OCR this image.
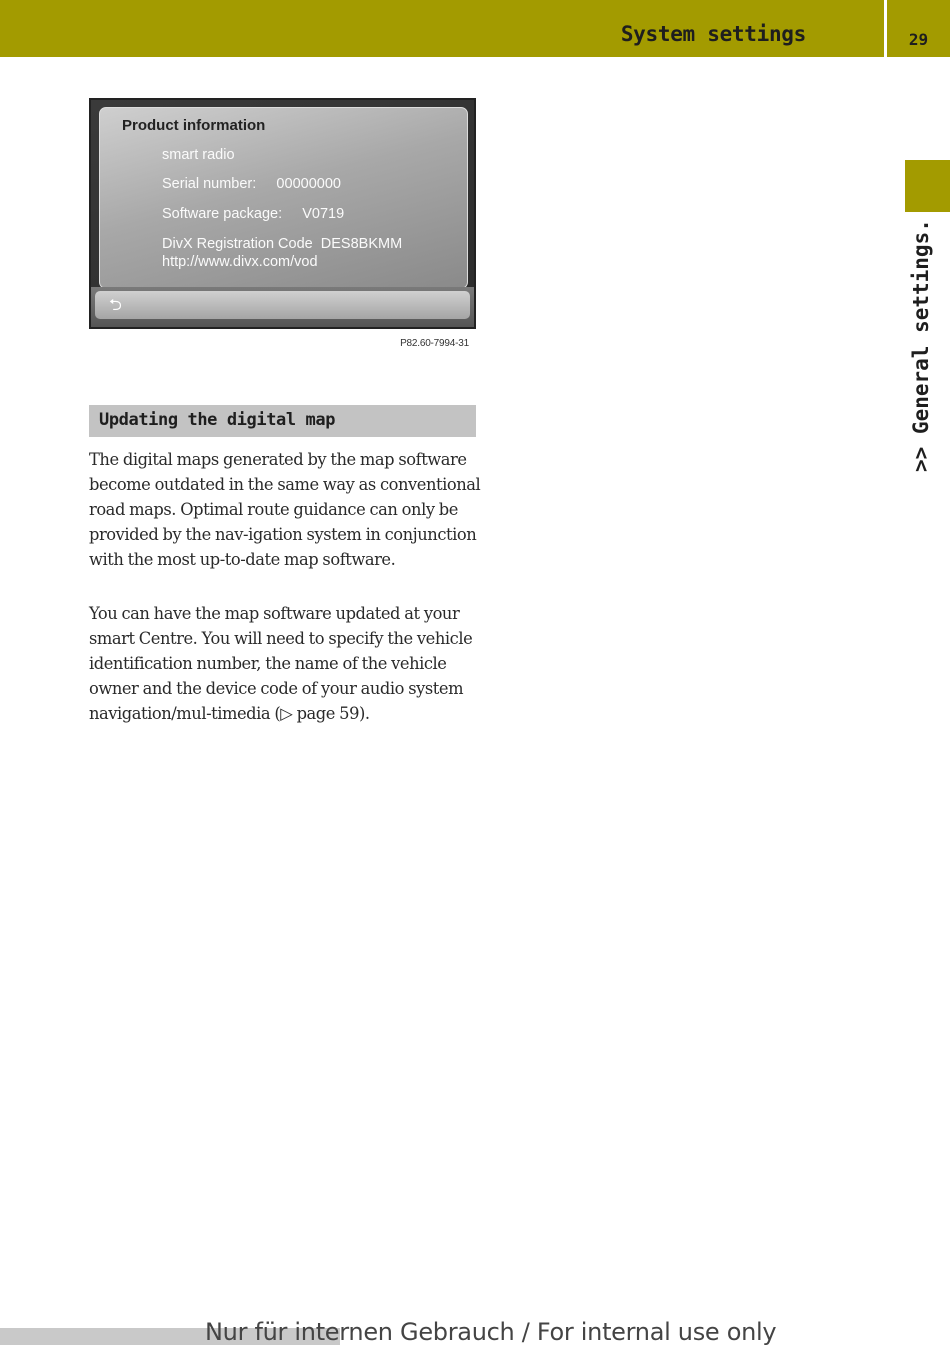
System settings	29
>> General settings.
Product information
smart radio
Serial number:     00000000
Software package:     V0719
DivX Registration Code  DES8BKMM
http://www.divx.com/vod
⮌
P82.60-7994-31
Updating the digital map

The digital maps generated by the map software become outdated in the same way as conventional road maps. Optimal route guidance can only be provided by the nav-igation system in conjunction with the most up-to-date map software.

You can have the map software updated at your smart Centre. You will need to specify the vehicle identification number, the name of the vehicle owner and the device code of your audio system navigation/mul-timedia (▷ page 59).

Nur für internen Gebrauch / For internal use only
